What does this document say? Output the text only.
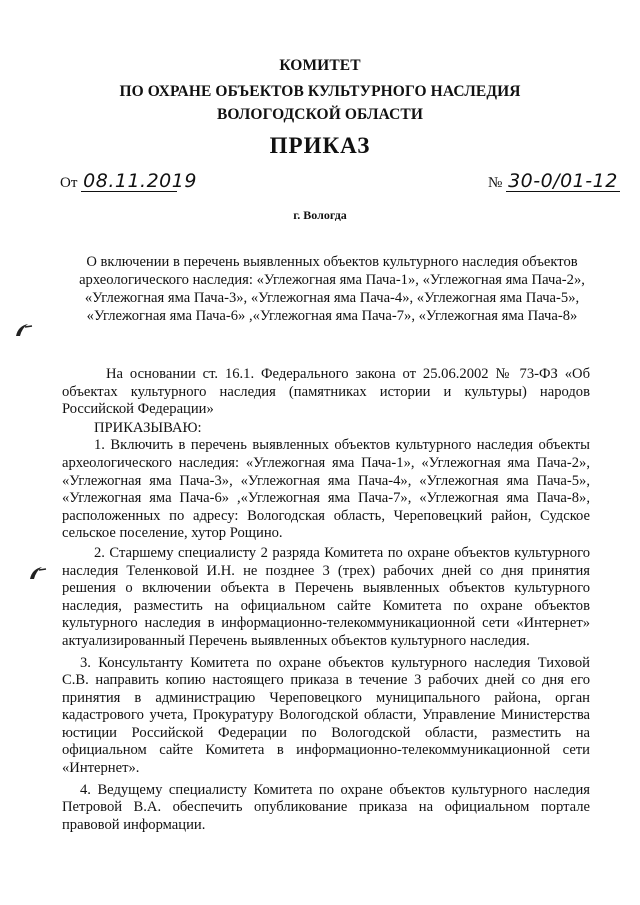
КОМИТЕТ
ПО ОХРАНЕ ОБЪЕКТОВ КУЛЬТУРНОГО НАСЛЕДИЯ
ВОЛОГОДСКОЙ ОБЛАСТИ
ПРИКАЗ
От 08.11.2019	№ 30-0/01-12
г. Вологда
О включении в перечень выявленных объектов культурного наследия объектов археологического наследия: «Углежогная яма Пача-1», «Углежогная яма Пача-2», «Углежогная яма Пача-3», «Углежогная яма Пача-4», «Углежогная яма Пача-5», «Углежогная яма Пача-6» ,«Углежогная яма Пача-7», «Углежогная яма Пача-8»

На основании ст. 16.1. Федерального закона от 25.06.2002 № 73-ФЗ «Об объектах культурного наследия (памятниках истории и культуры) народов Российской Федерации»

ПРИКАЗЫВАЮ:

1. Включить в перечень выявленных объектов культурного наследия объекты археологического наследия: «Углежогная яма Пача-1», «Углежогная яма Пача-2», «Углежогная яма Пача-3», «Углежогная яма Пача-4», «Углежогная яма Пача-5», «Углежогная яма Пача-6» ,«Углежогная яма Пача-7», «Углежогная яма Пача-8», расположенных по адресу: Вологодская область, Череповецкий район, Судское сельское поселение, хутор Рощино.

2. Старшему специалисту 2 разряда Комитета по охране объектов культурного наследия Теленковой И.Н. не позднее 3 (трех) рабочих дней со дня принятия решения о включении объекта в Перечень выявленных объектов культурного наследия, разместить на официальном сайте Комитета по охране объектов культурного наследия в информационно-телекоммуникационной сети «Интернет» актуализированный Перечень выявленных объектов культурного наследия.

3. Консультанту Комитета по охране объектов культурного наследия Тиховой С.В. направить копию настоящего приказа в течение 3 рабочих дней со дня его принятия в администрацию Череповецкого муниципального района, орган кадастрового учета, Прокуратуру Вологодской области, Управление Министерства юстиции Российской Федерации по Вологодской области, разместить на официальном сайте Комитета в информационно-телекоммуникационной сети «Интернет».

4. Ведущему специалисту Комитета по охране объектов культурного наследия Петровой В.А. обеспечить опубликование приказа на официальном портале правовой информации.
